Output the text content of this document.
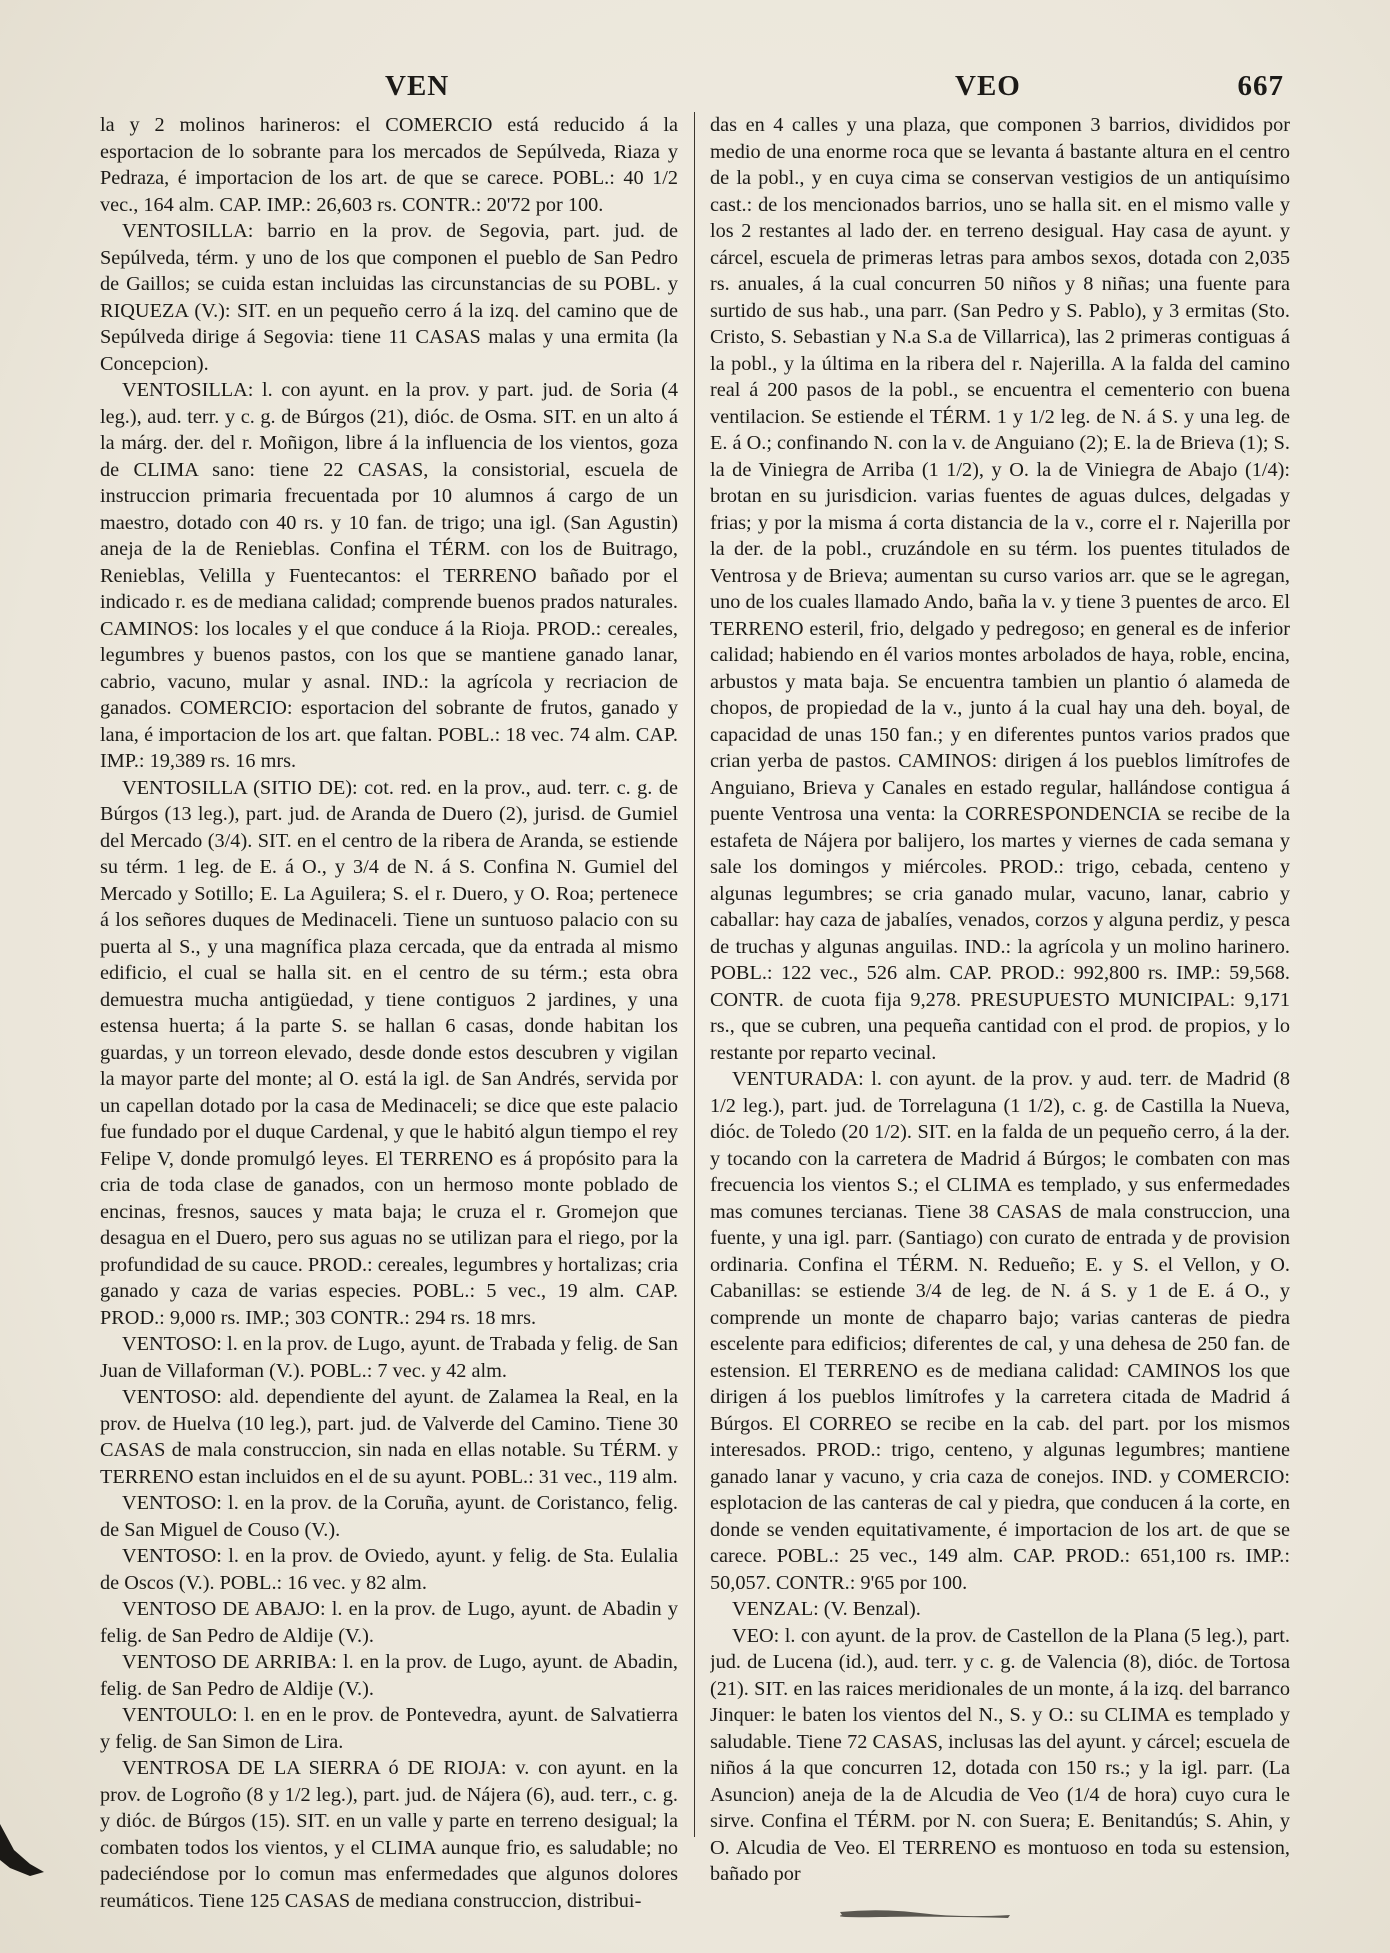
VEN	VEO	667

la y 2 molinos harineros: el COMERCIO está reducido á la esportacion de lo sobrante para los mercados de Sepúlveda, Riaza y Pedraza, é importacion de los art. de que se carece. POBL.: 40 1/2 vec., 164 alm. CAP. IMP.: 26,603 rs. CONTR.: 20'72 por 100.

VENTOSILLA: barrio en la prov. de Segovia, part. jud. de Sepúlveda, térm. y uno de los que componen el pueblo de San Pedro de Gaillos; se cuida estan incluidas las circunstancias de su POBL. y RIQUEZA (V.): SIT. en un pequeño cerro á la izq. del camino que de Sepúlveda dirige á Segovia: tiene 11 CASAS malas y una ermita (la Concepcion).

VENTOSILLA: l. con ayunt. en la prov. y part. jud. de Soria (4 leg.), aud. terr. y c. g. de Búrgos (21), dióc. de Osma. SIT. en un alto á la márg. der. del r. Moñigon, libre á la influencia de los vientos, goza de CLIMA sano: tiene 22 CASAS, la consistorial, escuela de instruccion primaria frecuentada por 10 alumnos á cargo de un maestro, dotado con 40 rs. y 10 fan. de trigo; una igl. (San Agustin) aneja de la de Renieblas. Confina el TÉRM. con los de Buitrago, Renieblas, Velilla y Fuentecantos: el TERRENO bañado por el indicado r. es de mediana calidad; comprende buenos prados naturales. CAMINOS: los locales y el que conduce á la Rioja. PROD.: cereales, legumbres y buenos pastos, con los que se mantiene ganado lanar, cabrio, vacuno, mular y asnal. IND.: la agrícola y recriacion de ganados. COMERCIO: esportacion del sobrante de frutos, ganado y lana, é importacion de los art. que faltan. POBL.: 18 vec. 74 alm. CAP. IMP.: 19,389 rs. 16 mrs.

VENTOSILLA (SITIO DE): cot. red. en la prov., aud. terr. c. g. de Búrgos (13 leg.), part. jud. de Aranda de Duero (2), jurisd. de Gumiel del Mercado (3/4). SIT. en el centro de la ribera de Aranda, se estiende su térm. 1 leg. de E. á O., y 3/4 de N. á S. Confina N. Gumiel del Mercado y Sotillo; E. La Aguilera; S. el r. Duero, y O. Roa; pertenece á los señores duques de Medinaceli. Tiene un suntuoso palacio con su puerta al S., y una magnífica plaza cercada, que da entrada al mismo edificio, el cual se halla sit. en el centro de su térm.; esta obra demuestra mucha antigüedad, y tiene contiguos 2 jardines, y una estensa huerta; á la parte S. se hallan 6 casas, donde habitan los guardas, y un torreon elevado, desde donde estos descubren y vigilan la mayor parte del monte; al O. está la igl. de San Andrés, servida por un capellan dotado por la casa de Medinaceli; se dice que este palacio fue fundado por el duque Cardenal, y que le habitó algun tiempo el rey Felipe V, donde promulgó leyes. El TERRENO es á propósito para la cria de toda clase de ganados, con un hermoso monte poblado de encinas, fresnos, sauces y mata baja; le cruza el r. Gromejon que desagua en el Duero, pero sus aguas no se utilizan para el riego, por la profundidad de su cauce. PROD.: cereales, legumbres y hortalizas; cria ganado y caza de varias especies. POBL.: 5 vec., 19 alm. CAP. PROD.: 9,000 rs. IMP.; 303 CONTR.: 294 rs. 18 mrs.

VENTOSO: l. en la prov. de Lugo, ayunt. de Trabada y felig. de San Juan de Villaforman (V.). POBL.: 7 vec. y 42 alm.

VENTOSO: ald. dependiente del ayunt. de Zalamea la Real, en la prov. de Huelva (10 leg.), part. jud. de Valverde del Camino. Tiene 30 CASAS de mala construccion, sin nada en ellas notable. Su TÉRM. y TERRENO estan incluidos en el de su ayunt. POBL.: 31 vec., 119 alm.

VENTOSO: l. en la prov. de la Coruña, ayunt. de Coristanco, felig. de San Miguel de Couso (V.).

VENTOSO: l. en la prov. de Oviedo, ayunt. y felig. de Sta. Eulalia de Oscos (V.). POBL.: 16 vec. y 82 alm.

VENTOSO DE ABAJO: l. en la prov. de Lugo, ayunt. de Abadin y felig. de San Pedro de Aldije (V.).

VENTOSO DE ARRIBA: l. en la prov. de Lugo, ayunt. de Abadin, felig. de San Pedro de Aldije (V.).

VENTOULO: l. en en le prov. de Pontevedra, ayunt. de Salvatierra y felig. de San Simon de Lira.

VENTROSA DE LA SIERRA ó DE RIOJA: v. con ayunt. en la prov. de Logroño (8 y 1/2 leg.), part. jud. de Nájera (6), aud. terr., c. g. y dióc. de Búrgos (15). SIT. en un valle y parte en terreno desigual; la combaten todos los vientos, y el CLIMA aunque frio, es saludable; no padeciéndose por lo comun mas enfermedades que algunos dolores reumáticos. Tiene 125 CASAS de mediana construccion, distribui-

das en 4 calles y una plaza, que componen 3 barrios, divididos por medio de una enorme roca que se levanta á bastante altura en el centro de la pobl., y en cuya cima se conservan vestigios de un antiquísimo cast.: de los mencionados barrios, uno se halla sit. en el mismo valle y los 2 restantes al lado der. en terreno desigual. Hay casa de ayunt. y cárcel, escuela de primeras letras para ambos sexos, dotada con 2,035 rs. anuales, á la cual concurren 50 niños y 8 niñas; una fuente para surtido de sus hab., una parr. (San Pedro y S. Pablo), y 3 ermitas (Sto. Cristo, S. Sebastian y N.a S.a de Villarrica), las 2 primeras contiguas á la pobl., y la última en la ribera del r. Najerilla. A la falda del camino real á 200 pasos de la pobl., se encuentra el cementerio con buena ventilacion. Se estiende el TÉRM. 1 y 1/2 leg. de N. á S. y una leg. de E. á O.; confinando N. con la v. de Anguiano (2); E. la de Brieva (1); S. la de Viniegra de Arriba (1 1/2), y O. la de Viniegra de Abajo (1/4): brotan en su jurisdicion. varias fuentes de aguas dulces, delgadas y frias; y por la misma á corta distancia de la v., corre el r. Najerilla por la der. de la pobl., cruzándole en su térm. los puentes titulados de Ventrosa y de Brieva; aumentan su curso varios arr. que se le agregan, uno de los cuales llamado Ando, baña la v. y tiene 3 puentes de arco. El TERRENO esteril, frio, delgado y pedregoso; en general es de inferior calidad; habiendo en él varios montes arbolados de haya, roble, encina, arbustos y mata baja. Se encuentra tambien un plantio ó alameda de chopos, de propiedad de la v., junto á la cual hay una deh. boyal, de capacidad de unas 150 fan.; y en diferentes puntos varios prados que crian yerba de pastos. CAMINOS: dirigen á los pueblos limítrofes de Anguiano, Brieva y Canales en estado regular, hallándose contigua á puente Ventrosa una venta: la CORRESPONDENCIA se recibe de la estafeta de Nájera por balijero, los martes y viernes de cada semana y sale los domingos y miércoles. PROD.: trigo, cebada, centeno y algunas legumbres; se cria ganado mular, vacuno, lanar, cabrio y caballar: hay caza de jabalíes, venados, corzos y alguna perdiz, y pesca de truchas y algunas anguilas. IND.: la agrícola y un molino harinero. POBL.: 122 vec., 526 alm. CAP. PROD.: 992,800 rs. IMP.: 59,568. CONTR. de cuota fija 9,278. PRESUPUESTO MUNICIPAL: 9,171 rs., que se cubren, una pequeña cantidad con el prod. de propios, y lo restante por reparto vecinal.

VENTURADA: l. con ayunt. de la prov. y aud. terr. de Madrid (8 1/2 leg.), part. jud. de Torrelaguna (1 1/2), c. g. de Castilla la Nueva, dióc. de Toledo (20 1/2). SIT. en la falda de un pequeño cerro, á la der. y tocando con la carretera de Madrid á Búrgos; le combaten con mas frecuencia los vientos S.; el CLIMA es templado, y sus enfermedades mas comunes tercianas. Tiene 38 CASAS de mala construccion, una fuente, y una igl. parr. (Santiago) con curato de entrada y de provision ordinaria. Confina el TÉRM. N. Redueño; E. y S. el Vellon, y O. Cabanillas: se estiende 3/4 de leg. de N. á S. y 1 de E. á O., y comprende un monte de chaparro bajo; varias canteras de piedra escelente para edificios; diferentes de cal, y una dehesa de 250 fan. de estension. El TERRENO es de mediana calidad: CAMINOS los que dirigen á los pueblos limítrofes y la carretera citada de Madrid á Búrgos. El CORREO se recibe en la cab. del part. por los mismos interesados. PROD.: trigo, centeno, y algunas legumbres; mantiene ganado lanar y vacuno, y cria caza de conejos. IND. y COMERCIO: esplotacion de las canteras de cal y piedra, que conducen á la corte, en donde se venden equitativamente, é importacion de los art. de que se carece. POBL.: 25 vec., 149 alm. CAP. PROD.: 651,100 rs. IMP.: 50,057. CONTR.: 9'65 por 100.

VENZAL: (V. Benzal).

VEO: l. con ayunt. de la prov. de Castellon de la Plana (5 leg.), part. jud. de Lucena (id.), aud. terr. y c. g. de Valencia (8), dióc. de Tortosa (21). SIT. en las raices meridionales de un monte, á la izq. del barranco Jinquer: le baten los vientos del N., S. y O.: su CLIMA es templado y saludable. Tiene 72 CASAS, inclusas las del ayunt. y cárcel; escuela de niños á la que concurren 12, dotada con 150 rs.; y la igl. parr. (La Asuncion) aneja de la de Alcudia de Veo (1/4 de hora) cuyo cura le sirve. Confina el TÉRM. por N. con Suera; E. Benitandús; S. Ahin, y O. Alcudia de Veo. El TERRENO es montuoso en toda su estension, bañado por
